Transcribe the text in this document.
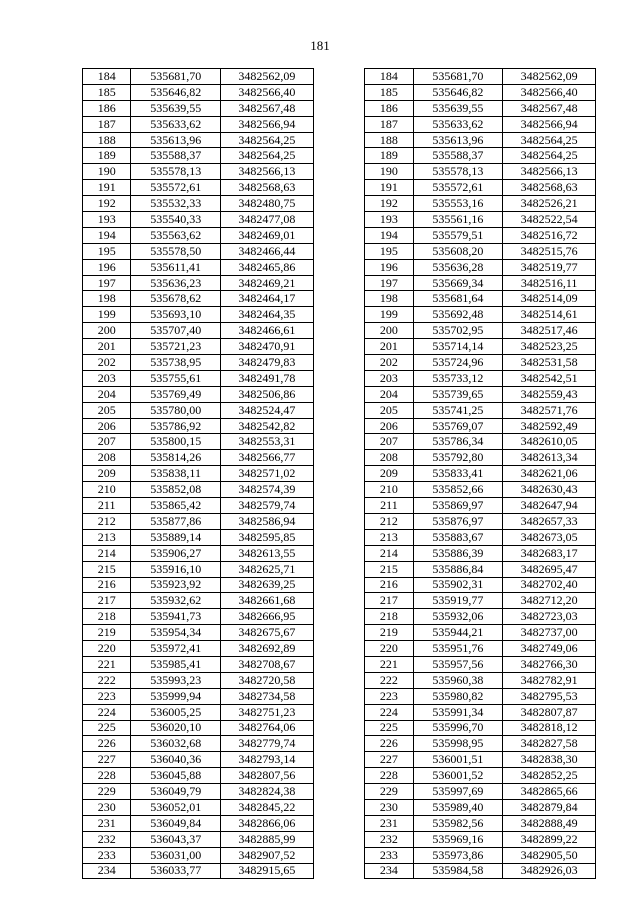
181
184	535681,70	3482562,09		184	535681,70	3482562,09
185	535646,82	3482566,40		185	535646,82	3482566,40
186	535639,55	3482567,48		186	535639,55	3482567,48
187	535633,62	3482566,94		187	535633,62	3482566,94
188	535613,96	3482564,25		188	535613,96	3482564,25
189	535588,37	3482564,25		189	535588,37	3482564,25
190	535578,13	3482566,13		190	535578,13	3482566,13
191	535572,61	3482568,63		191	535572,61	3482568,63
192	535532,33	3482480,75		192	535553,16	3482526,21
193	535540,33	3482477,08		193	535561,16	3482522,54
194	535563,62	3482469,01		194	535579,51	3482516,72
195	535578,50	3482466,44		195	535608,20	3482515,76
196	535611,41	3482465,86		196	535636,28	3482519,77
197	535636,23	3482469,21		197	535669,34	3482516,11
198	535678,62	3482464,17		198	535681,64	3482514,09
199	535693,10	3482464,35		199	535692,48	3482514,61
200	535707,40	3482466,61		200	535702,95	3482517,46
201	535721,23	3482470,91		201	535714,14	3482523,25
202	535738,95	3482479,83		202	535724,96	3482531,58
203	535755,61	3482491,78		203	535733,12	3482542,51
204	535769,49	3482506,86		204	535739,65	3482559,43
205	535780,00	3482524,47		205	535741,25	3482571,76
206	535786,92	3482542,82		206	535769,07	3482592,49
207	535800,15	3482553,31		207	535786,34	3482610,05
208	535814,26	3482566,77		208	535792,80	3482613,34
209	535838,11	3482571,02		209	535833,41	3482621,06
210	535852,08	3482574,39		210	535852,66	3482630,43
211	535865,42	3482579,74		211	535869,97	3482647,94
212	535877,86	3482586,94		212	535876,97	3482657,33
213	535889,14	3482595,85		213	535883,67	3482673,05
214	535906,27	3482613,55		214	535886,39	3482683,17
215	535916,10	3482625,71		215	535886,84	3482695,47
216	535923,92	3482639,25		216	535902,31	3482702,40
217	535932,62	3482661,68		217	535919,77	3482712,20
218	535941,73	3482666,95		218	535932,06	3482723,03
219	535954,34	3482675,67		219	535944,21	3482737,00
220	535972,41	3482692,89		220	535951,76	3482749,06
221	535985,41	3482708,67		221	535957,56	3482766,30
222	535993,23	3482720,58		222	535960,38	3482782,91
223	535999,94	3482734,58		223	535980,82	3482795,53
224	536005,25	3482751,23		224	535991,34	3482807,87
225	536020,10	3482764,06		225	535996,70	3482818,12
226	536032,68	3482779,74		226	535998,95	3482827,58
227	536040,36	3482793,14		227	536001,51	3482838,30
228	536045,88	3482807,56		228	536001,52	3482852,25
229	536049,79	3482824,38		229	535997,69	3482865,66
230	536052,01	3482845,22		230	535989,40	3482879,84
231	536049,84	3482866,06		231	535982,56	3482888,49
232	536043,37	3482885,99		232	535969,16	3482899,22
233	536031,00	3482907,52		233	535973,86	3482905,50
234	536033,77	3482915,65		234	535984,58	3482926,03
